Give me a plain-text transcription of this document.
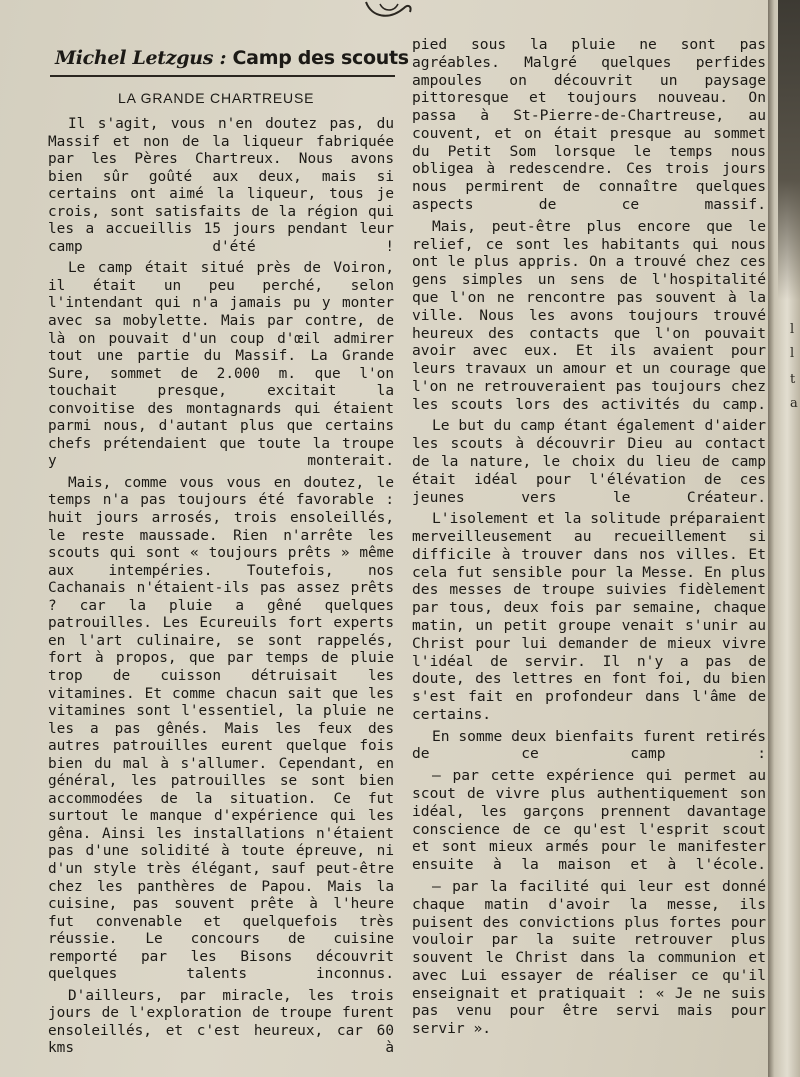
l
l
t
a
Michel Letzgus : Camp des scouts
LA GRANDE CHARTREUSE

Il s'agit, vous n'en doutez pas, du Massif et non de la liqueur fabriquée par les Pères Chartreux. Nous avons bien sûr goûté aux deux, mais si certains ont aimé la liqueur, tous je crois, sont satisfaits de la région qui les a accueillis 15 jours pendant leur camp d'été !

Le camp était situé près de Voiron, il était un peu perché, selon l'intendant qui n'a jamais pu y monter avec sa mobylette. Mais par contre, de là on pouvait d'un coup d'œil admirer tout une partie du Massif. La Grande Sure, sommet de 2.000 m. que l'on touchait presque, excitait la convoitise des montagnards qui étaient parmi nous, d'autant plus que certains chefs prétendaient que toute la troupe y monterait.

Mais, comme vous vous en doutez, le temps n'a pas toujours été favorable : huit jours arrosés, trois ensoleillés, le reste maussade. Rien n'arrête les scouts qui sont « toujours prêts » même aux intempéries. Toutefois, nos Cachanais n'étaient-ils pas assez prêts ? car la pluie a gêné quelques patrouilles. Les Ecureuils fort experts en l'art culinaire, se sont rappelés, fort à propos, que par temps de pluie trop de cuisson détruisait les vitamines. Et comme chacun sait que les vitamines sont l'essentiel, la pluie ne les a pas gênés. Mais les feux des autres patrouilles eurent quelque fois bien du mal à s'allumer. Cependant, en général, les patrouilles se sont bien accommodées de la situation. Ce fut surtout le manque d'expérience qui les gêna. Ainsi les installations n'étaient pas d'une solidité à toute épreuve, ni d'un style très élégant, sauf peut-être chez les panthères de Papou. Mais la cuisine, pas souvent prête à l'heure fut convenable et quelquefois très réussie. Le concours de cuisine remporté par les Bisons découvrit quelques talents inconnus.

D'ailleurs, par miracle, les trois jours de l'exploration de troupe furent ensoleillés, et c'est heureux, car 60 kms à

pied sous la pluie ne sont pas agréables. Malgré quelques perfides ampoules on découvrit un paysage pittoresque et toujours nouveau. On passa à St-Pierre-de-Chartreuse, au couvent, et on était presque au sommet du Petit Som lorsque le temps nous obligea à redescendre. Ces trois jours nous permirent de connaître quelques aspects de ce massif.

Mais, peut-être plus encore que le relief, ce sont les habitants qui nous ont le plus appris. On a trouvé chez ces gens simples un sens de l'hospitalité que l'on ne rencontre pas souvent à la ville. Nous les avons toujours trouvé heureux des contacts que l'on pouvait avoir avec eux. Et ils avaient pour leurs travaux un amour et un courage que l'on ne retrouveraient pas toujours chez les scouts lors des activités du camp.

Le but du camp étant également d'aider les scouts à découvrir Dieu au contact de la nature, le choix du lieu de camp était idéal pour l'élévation de ces jeunes vers le Créateur.

L'isolement et la solitude préparaient merveilleusement au recueillement si difficile à trouver dans nos villes. Et cela fut sensible pour la Messe. En plus des messes de troupe suivies fidèlement par tous, deux fois par semaine, chaque matin, un petit groupe venait s'unir au Christ pour lui demander de mieux vivre l'idéal de servir. Il n'y a pas de doute, des lettres en font foi, du bien s'est fait en profondeur dans l'âme de certains.

En somme deux bienfaits furent retirés de ce camp :

— par cette expérience qui permet au scout de vivre plus authentiquement son idéal, les garçons prennent davantage conscience de ce qu'est l'esprit scout et sont mieux armés pour le manifester ensuite à la maison et à l'école.

— par la facilité qui leur est donné chaque matin d'avoir la messe, ils puisent des convictions plus fortes pour vouloir par la suite retrouver plus souvent le Christ dans la communion et avec Lui essayer de réaliser ce qu'il enseignait et pratiquait : « Je ne suis pas venu pour être servi mais pour servir ».
